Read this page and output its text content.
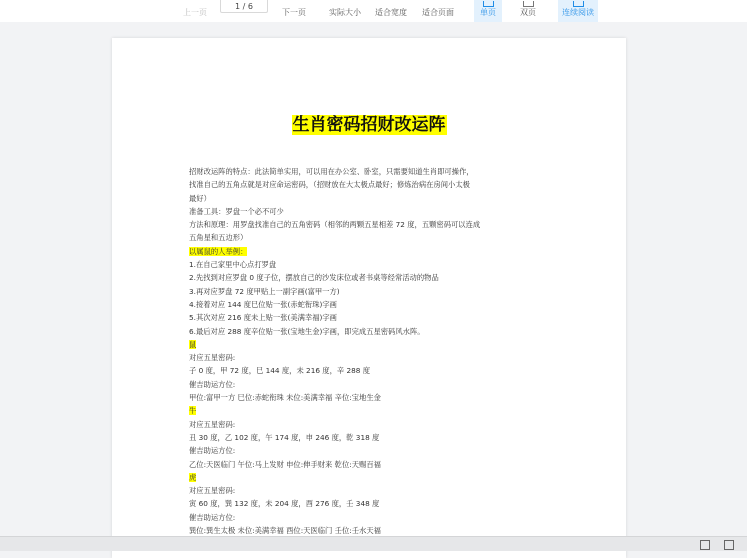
上一页
1 / 6
下一页	实际大小 适合宽度 适合页面	单页	双页	连续阅读
生肖密码招财改运阵

招财改运阵的特点：此法简单实用，可以用在办公室、卧室，只需要知道生肖即可操作，

找准自己的五角点就是对应命运密码，（招财放在大太极点最好；修炼治病在房间小太极

最好）

准备工具：罗盘一个必不可少

方法和原理：用罗盘找准自己的五角密码（相邻的两颗五星相差 72 度，五颗密码可以连成

五角星和五边形）

以属鼠的人举例：

1.在自己家里中心点打罗盘

2.先找到对应罗盘 0 度子位，摆放自己的沙发床位或者书桌等经常活动的物品

3.再对应罗盘 72 度甲贴上一副字画(富甲一方)

4.接着对应 144 度巳位贴一张(赤蛇衔珠)字画

5.其次对应 216 度未上贴一张(美满幸福)字画

6.最后对应 288 度辛位贴一张(宝地生金)字画，即完成五星密码风水阵。

鼠

对应五星密码:

子 0 度，甲 72 度，巳 144 度，未 216 度，辛 288 度

催吉助运方位:

甲位:富甲一方 巳位:赤蛇衔珠 未位:美满幸福 辛位:宝地生金

牛

对应五星密码:

丑 30 度，乙 102 度，午 174 度，申 246 度，乾 318 度

催吉助运方位:

乙位:天医临门 午位:马上发财 申位:伸手财来 乾位:天赐百福

虎

对应五星密码:

寅 60 度，巽 132 度，未 204 度，酉 276 度，壬 348 度

催吉助运方位:

巽位:巽生太极 未位:美满幸福 酉位:天医临门 壬位:壬水天福
